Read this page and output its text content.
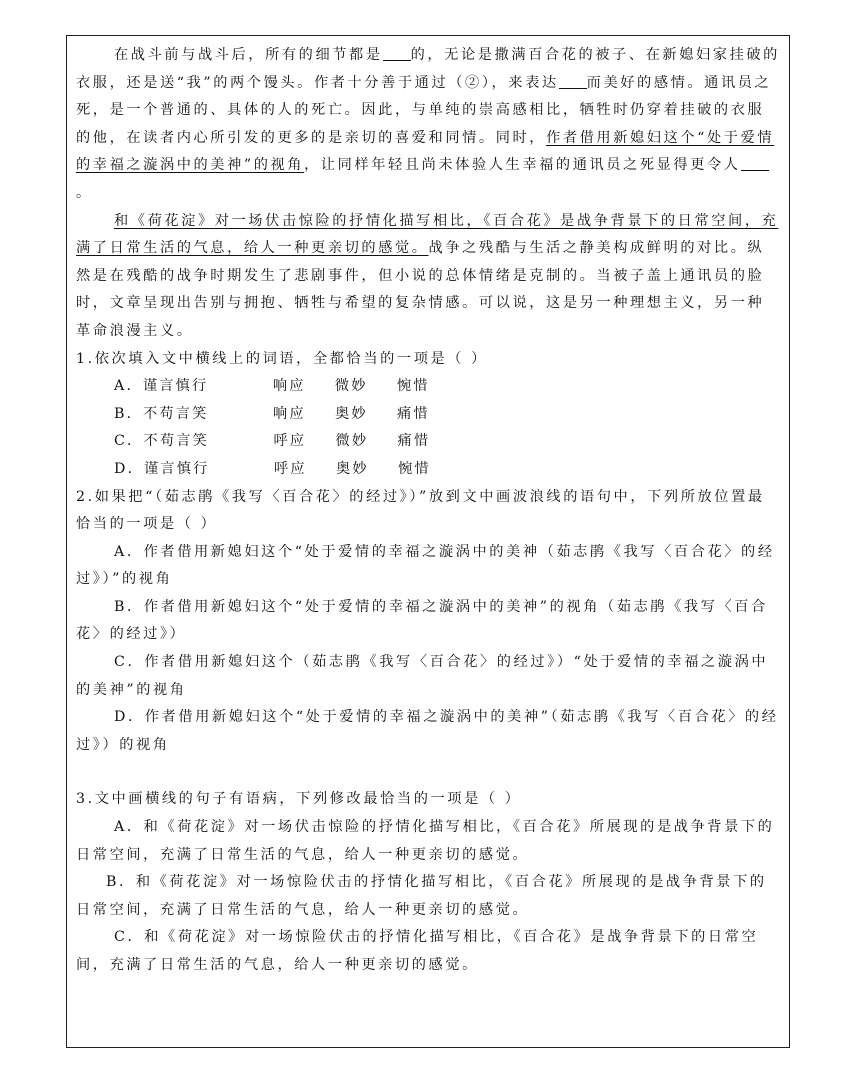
在战斗前与战斗后，所有的细节都是 的，无论是撒满百合花的被子、在新媳妇家挂破的衣服，还是送“我”的两个馒头。作者十分善于通过（②），来表达 而美好的感情。通讯员之死，是一个普通的、具体的人的死亡。因此，与单纯的崇高感相比，牺牲时仍穿着挂破的衣服的他，在读者内心所引发的更多的是亲切的喜爱和同情。同时，作者借用新媳妇这个“处于爱情的幸福之漩涡中的美神”的视角，让同样年轻且尚未体验人生幸福的通讯员之死显得更令人。

和《荷花淀》对一场伏击惊险的抒情化描写相比，《百合花》是战争背景下的日常空间，充满了日常生活的气息，给人一种更亲切的感觉。战争之残酷与生活之静美构成鲜明的对比。纵然是在残酷的战争时期发生了悲剧事件，但小说的总体情绪是克制的。当被子盖上通讯员的脸时，文章呈现出告别与拥抱、牺牲与希望的复杂情感。可以说，这是另一种理想主义，另一种革命浪漫主义。

1.依次填入文中横线上的词语，全都恰当的一项是（ ）

A．谨言慎行	响应 微妙 惋惜
B．不苟言笑	响应 奥妙 痛惜
C．不苟言笑	呼应 微妙 痛惜
D．谨言慎行	呼应 奥妙 惋惜

2.如果把“（茹志鹃《我写〈百合花〉的经过》）”放到文中画波浪线的语句中，下列所放位置最恰当的一项是（ ）

A．作者借用新媳妇这个“处于爱情的幸福之漩涡中的美神（茹志鹃《我写〈百合花〉的经过》）”的视角

B．作者借用新媳妇这个“处于爱情的幸福之漩涡中的美神”的视角（茹志鹃《我写〈百合花〉的经过》）

C．作者借用新媳妇这个（茹志鹃《我写〈百合花〉的经过》）“处于爱情的幸福之漩涡中的美神”的视角

D．作者借用新媳妇这个“处于爱情的幸福之漩涡中的美神”（茹志鹃《我写〈百合花〉的经过》）的视角

3.文中画横线的句子有语病，下列修改最恰当的一项是（ ）

A．和《荷花淀》对一场伏击惊险的抒情化描写相比，《百合花》所展现的是战争背景下的日常空间，充满了日常生活的气息，给人一种更亲切的感觉。

B．和《荷花淀》对一场惊险伏击的抒情化描写相比，《百合花》所展现的是战争背景下的日常空间，充满了日常生活的气息，给人一种更亲切的感觉。

C．和《荷花淀》对一场惊险伏击的抒情化描写相比，《百合花》是战争背景下的日常空间，充满了日常生活的气息，给人一种更亲切的感觉。
